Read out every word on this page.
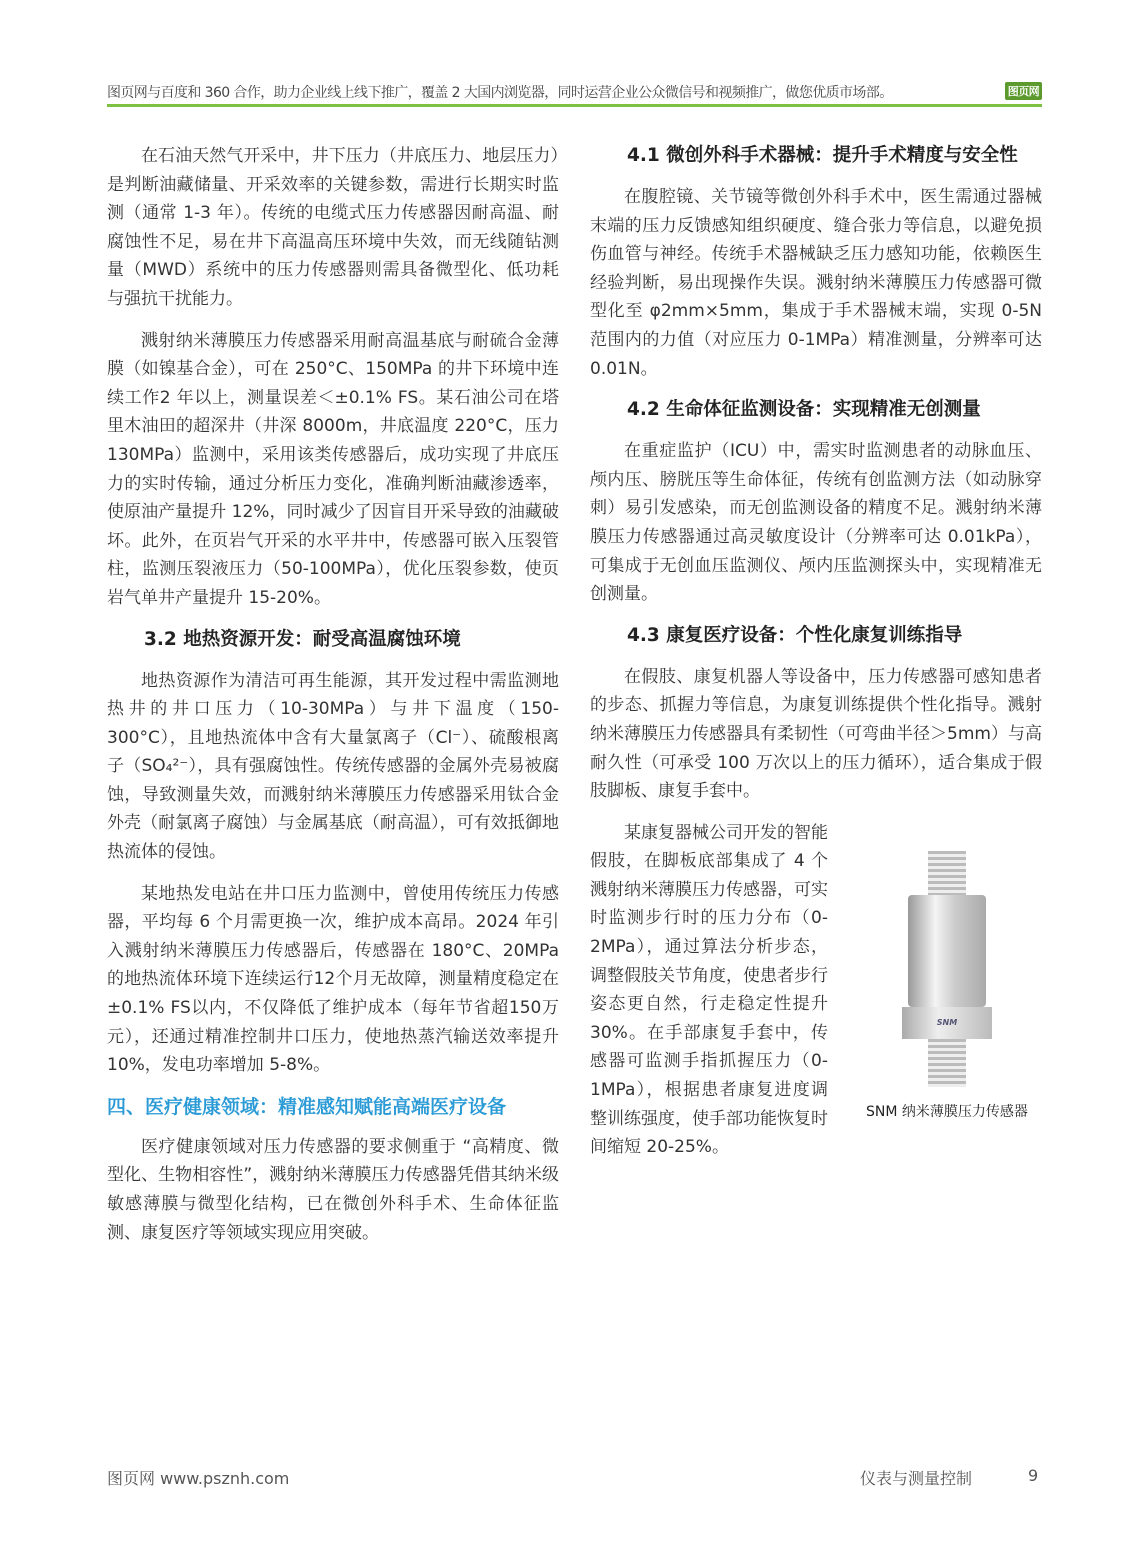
图页网与百度和 360 合作，助力企业线上线下推广，覆盖 2 大国内浏览器，同时运营企业公众微信号和视频推广，做您优质市场部。	图页网

在石油天然气开采中，井下压力（井底压力、地层压力）是判断油藏储量、开采效率的关键参数，需进行长期实时监测（通常 1-3 年）。传统的电缆式压力传感器因耐高温、耐腐蚀性不足，易在井下高温高压环境中失效，而无线随钻测量（MWD）系统中的压力传感器则需具备微型化、低功耗与强抗干扰能力。

溅射纳米薄膜压力传感器采用耐高温基底与耐硫合金薄膜（如镍基合金），可在 250°C、150MPa 的井下环境中连续工作2 年以上，测量误差＜±0.1% FS。某石油公司在塔里木油田的超深井（井深 8000m，井底温度 220°C，压力 130MPa）监测中，采用该类传感器后，成功实现了井底压力的实时传输，通过分析压力变化，准确判断油藏渗透率，使原油产量提升 12%，同时减少了因盲目开采导致的油藏破坏。此外，在页岩气开采的水平井中，传感器可嵌入压裂管柱，监测压裂液压力（50-100MPa），优化压裂参数，使页岩气单井产量提升 15-20%。

3.2 地热资源开发：耐受高温腐蚀环境

地热资源作为清洁可再生能源，其开发过程中需监测地热井的井口压力（10-30MPa）与井下温度（150-300°C），且地热流体中含有大量氯离子（Cl⁻）、硫酸根离子（SO₄²⁻），具有强腐蚀性。传统传感器的金属外壳易被腐蚀，导致测量失效，而溅射纳米薄膜压力传感器采用钛合金外壳（耐氯离子腐蚀）与金属基底（耐高温），可有效抵御地热流体的侵蚀。

某地热发电站在井口压力监测中，曾使用传统压力传感器，平均每 6 个月需更换一次，维护成本高昂。2024 年引入溅射纳米薄膜压力传感器后，传感器在 180°C、20MPa 的地热流体环境下连续运行12个月无故障，测量精度稳定在±0.1% FS以内，不仅降低了维护成本（每年节省超150万元），还通过精准控制井口压力，使地热蒸汽输送效率提升10%，发电功率增加 5-8%。

四、医疗健康领域：精准感知赋能高端医疗设备

医疗健康领域对压力传感器的要求侧重于 “高精度、微型化、生物相容性”，溅射纳米薄膜压力传感器凭借其纳米级敏感薄膜与微型化结构，已在微创外科手术、生命体征监测、康复医疗等领域实现应用突破。

4.1 微创外科手术器械：提升手术精度与安全性

在腹腔镜、关节镜等微创外科手术中，医生需通过器械末端的压力反馈感知组织硬度、缝合张力等信息，以避免损伤血管与神经。传统手术器械缺乏压力感知功能，依赖医生经验判断，易出现操作失误。溅射纳米薄膜压力传感器可微型化至 φ2mm×5mm，集成于手术器械末端，实现 0-5N 范围内的力值（对应压力 0-1MPa）精准测量，分辨率可达 0.01N。

4.2 生命体征监测设备：实现精准无创测量

在重症监护（ICU）中，需实时监测患者的动脉血压、颅内压、膀胱压等生命体征，传统有创监测方法（如动脉穿刺）易引发感染，而无创监测设备的精度不足。溅射纳米薄膜压力传感器通过高灵敏度设计（分辨率可达 0.01kPa），可集成于无创血压监测仪、颅内压监测探头中，实现精准无创测量。

4.3 康复医疗设备：个性化康复训练指导

在假肢、康复机器人等设备中，压力传感器可感知患者的步态、抓握力等信息，为康复训练提供个性化指导。溅射纳米薄膜压力传感器具有柔韧性（可弯曲半径＞5mm）与高耐久性（可承受 100 万次以上的压力循环），适合集成于假肢脚板、康复手套中。

SNM
SNM 纳米薄膜压力传感器

某康复器械公司开发的智能假肢，在脚板底部集成了 4 个溅射纳米薄膜压力传感器，可实时监测步行时的压力分布（0-2MPa），通过算法分析步态，调整假肢关节角度，使患者步行姿态更自然，行走稳定性提升 30%。在手部康复手套中，传感器可监测手指抓握压力（0-1MPa），根据患者康复进度调整训练强度，使手部功能恢复时间缩短 20-25%。

图页网 www.psznh.com	仪表与测量控制	9
